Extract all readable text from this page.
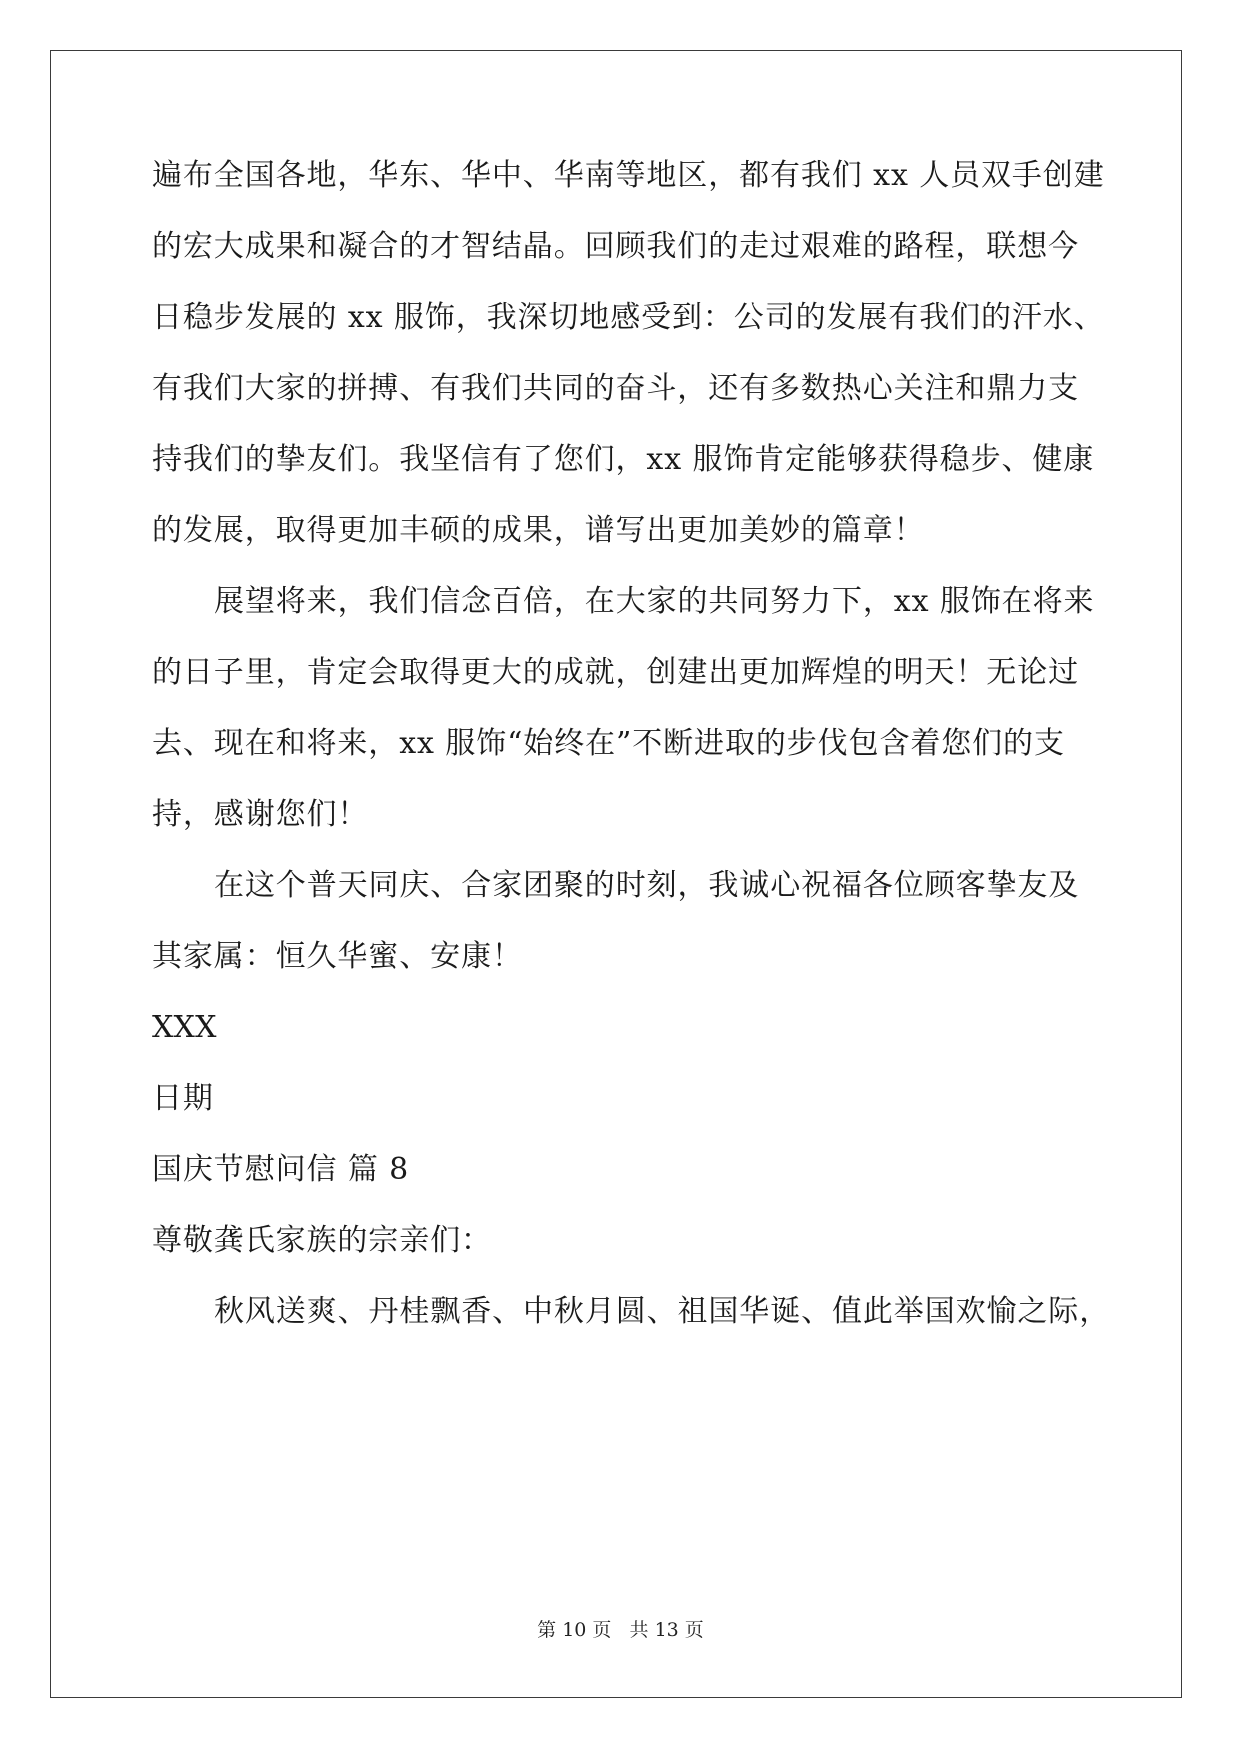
遍布全国各地，华东、华中、华南等地区，都有我们 xx 人员双手创建
的宏大成果和凝合的才智结晶。回顾我们的走过艰难的路程，联想今
日稳步发展的 xx 服饰，我深切地感受到：公司的发展有我们的汗水、
有我们大家的拼搏、有我们共同的奋斗，还有多数热心关注和鼎力支
持我们的挚友们。我坚信有了您们，xx 服饰肯定能够获得稳步、健康
的发展，取得更加丰硕的成果，谱写出更加美妙的篇章！
展望将来，我们信念百倍，在大家的共同努力下，xx 服饰在将来
的日子里，肯定会取得更大的成就，创建出更加辉煌的明天！无论过
去、现在和将来，xx 服饰“始终在”不断进取的步伐包含着您们的支
持，感谢您们！
在这个普天同庆、合家团聚的时刻，我诚心祝福各位顾客挚友及
其家属：恒久华蜜、安康！
XXX
日期
国庆节慰问信 篇 8
尊敬龚氏家族的宗亲们：
秋风送爽、丹桂飘香、中秋月圆、祖国华诞、值此举国欢愉之际，
第 10 页   共 13 页
